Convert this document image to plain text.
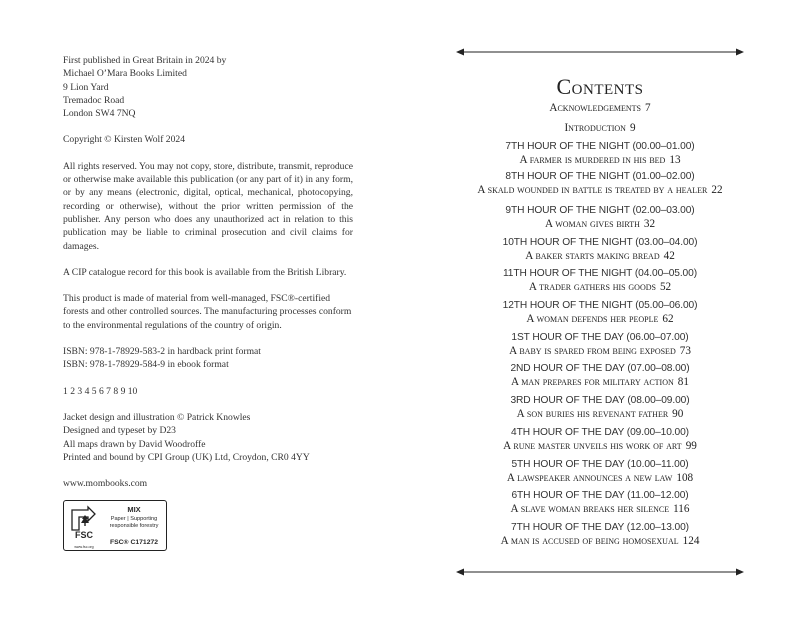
First published in Great Britain in 2024 by
Michael O’Mara Books Limited
9 Lion Yard
Tremadoc Road
London SW4 7NQ

Copyright © Kirsten Wolf 2024

All rights reserved. You may not copy, store, distribute, transmit, reproduce or otherwise make available this publication (or any part of it) in any form, or by any means (electronic, digital, optical, mechanical, photocopying, recording or otherwise), without the prior written permission of the publisher. Any person who does any unauthorized act in relation to this publication may be liable to criminal prosecution and civil claims for damages.

A CIP catalogue record for this book is available from the British Library.

This product is made of material from well-managed, FSC®-certified forests and other controlled sources. The manufacturing processes conform to the environmental regulations of the country of origin.

ISBN: 978-1-78929-583-2 in hardback print format
ISBN: 978-1-78929-584-9 in ebook format

1 2 3 4 5 6 7 8 9 10

Jacket design and illustration © Patrick Knowles
Designed and typeset by D23
All maps drawn by David Woodroffe
Printed and bound by CPI Group (UK) Ltd, Croydon, CR0 4YY

www.mombooks.com

FSC
www.fsc.org
MIX
Paper | Supporting
responsible forestry
FSC® C171272
Contents
Acknowledgements 7
Introduction 9
7TH HOUR OF THE NIGHT (00.00–01.00)
A farmer is murdered in his bed 13
8TH HOUR OF THE NIGHT (01.00–02.00)
A skald wounded in battle is treated by a healer 22
9TH HOUR OF THE NIGHT (02.00–03.00)
A woman gives birth 32
10TH HOUR OF THE NIGHT (03.00–04.00)
A baker starts making bread 42
11TH HOUR OF THE NIGHT (04.00–05.00)
A trader gathers his goods 52
12TH HOUR OF THE NIGHT (05.00–06.00)
A woman defends her people 62
1ST HOUR OF THE DAY (06.00–07.00)
A baby is spared from being exposed 73
2ND HOUR OF THE DAY (07.00–08.00)
A man prepares for military action 81
3RD HOUR OF THE DAY (08.00–09.00)
A son buries his revenant father 90
4TH HOUR OF THE DAY (09.00–10.00)
A rune master unveils his work of art 99
5TH HOUR OF THE DAY (10.00–11.00)
A lawspeaker announces a new law 108
6TH HOUR OF THE DAY (11.00–12.00)
A slave woman breaks her silence 116
7TH HOUR OF THE DAY (12.00–13.00)
A man is accused of being homosexual 124
